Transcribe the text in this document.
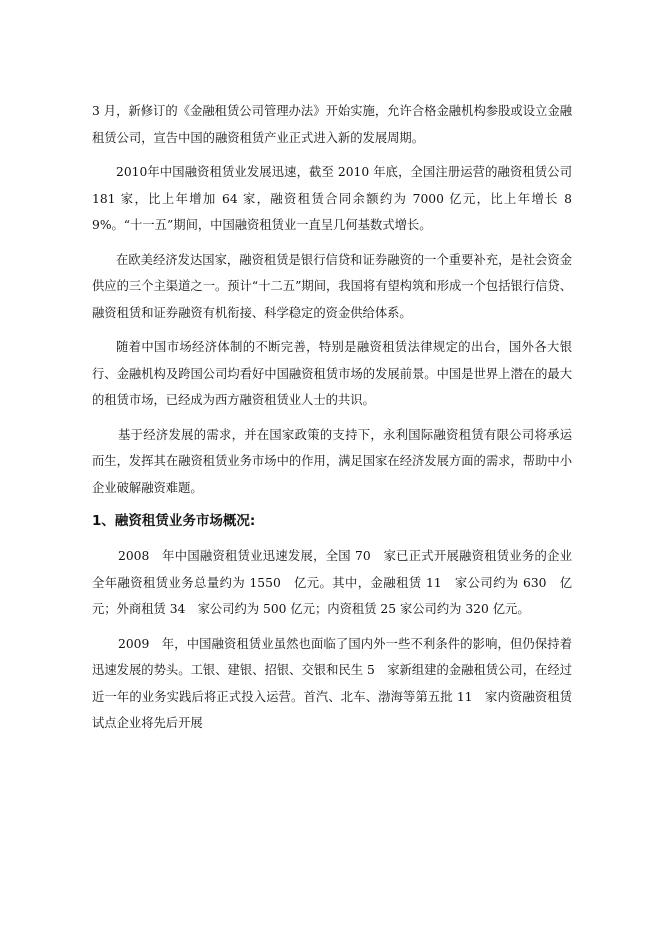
3 月，新修订的《金融租赁公司管理办法》开始实施，允许合格金融机构参股或设立金融租赁公司，宣告中国的融资租赁产业正式进入新的发展周期。

2010年中国融资租赁业发展迅速，截至 2010 年底，全国注册运营的融资租赁公司 181 家，比上年增加 64 家，融资租赁合同余额约为 7000 亿元，比上年增长 89%。“十一五”期间，中国融资租赁业一直呈几何基数式增长。

在欧美经济发达国家，融资租赁是银行信贷和证券融资的一个重要补充，是社会资金供应的三个主渠道之一。预计“十二五”期间，我国将有望构筑和形成一个包括银行信贷、融资租赁和证券融资有机衔接、科学稳定的资金供给体系。

随着中国市场经济体制的不断完善，特别是融资租赁法律规定的出台，国外各大银行、金融机构及跨国公司均看好中国融资租赁市场的发展前景。中国是世界上潜在的最大的租赁市场，已经成为西方融资租赁业人士的共识。

基于经济发展的需求，并在国家政策的支持下，永利国际融资租赁有限公司将承运而生，发挥其在融资租赁业务市场中的作用，满足国家在经济发展方面的需求，帮助中小企业破解融资难题。

1、融资租赁业务市场概况:

2008　年中国融资租赁业迅速发展，全国 70　家已正式开展融资租赁业务的企业全年融资租赁业务总量约为 1550　亿元。其中，金融租赁 11　家公司约为 630　亿元；外商租赁 34　家公司约为 500 亿元；内资租赁 25 家公司约为 320 亿元。

2009　年，中国融资租赁业虽然也面临了国内外一些不利条件的影响，但仍保持着迅速发展的势头。工银、建银、招银、交银和民生 5　家新组建的金融租赁公司，在经过近一年的业务实践后将正式投入运营。首汽、北车、渤海等第五批 11　家内资融资租赁试点企业将先后开展
